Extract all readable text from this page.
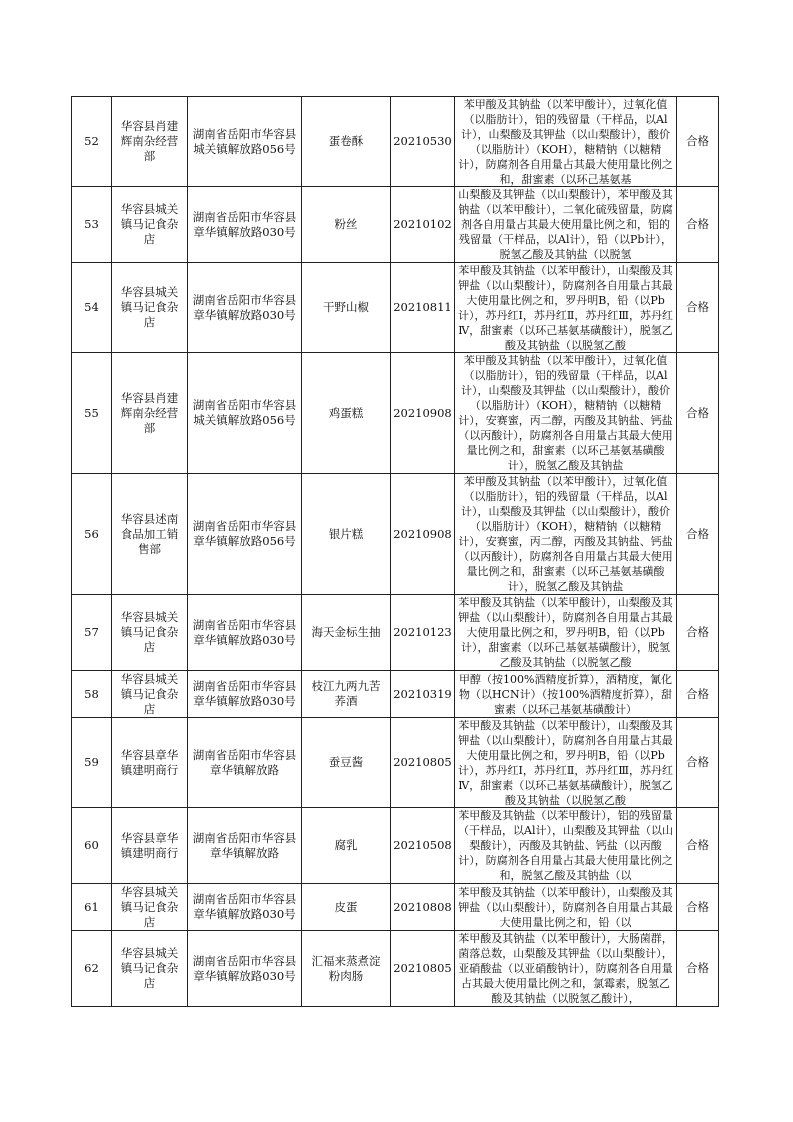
52	华容县肖建辉南杂经营部	湖南省岳阳市华容县城关镇解放路056号	蛋卷酥	20210530	苯甲酸及其钠盐（以苯甲酸计），过氧化值（以脂肪计），铝的残留量（干样品，以Al计），山梨酸及其钾盐（以山梨酸计），酸价（以脂肪计）（KOH），糖精钠（以糖精计），防腐剂各自用量占其最大使用量比例之和，甜蜜素（以环己基氨基	合格
53	华容县城关镇马记食杂店	湖南省岳阳市华容县章华镇解放路030号	粉丝	20210102	山梨酸及其钾盐（以山梨酸计），苯甲酸及其钠盐（以苯甲酸计），二氧化硫残留量，防腐剂各自用量占其最大使用量比例之和，铝的残留量（干样品，以Al计），铅（以Pb计），脱氢乙酸及其钠盐（以脱氢	合格
54	华容县城关镇马记食杂店	湖南省岳阳市华容县章华镇解放路030号	干野山椒	20210811	苯甲酸及其钠盐（以苯甲酸计），山梨酸及其钾盐（以山梨酸计），防腐剂各自用量占其最大使用量比例之和，罗丹明B，铅（以Pb计），苏丹红Ⅰ，苏丹红Ⅱ，苏丹红Ⅲ，苏丹红Ⅳ，甜蜜素（以环己基氨基磺酸计），脱氢乙酸及其钠盐（以脱氢乙酸	合格
55	华容县肖建辉南杂经营部	湖南省岳阳市华容县城关镇解放路056号	鸡蛋糕	20210908	苯甲酸及其钠盐（以苯甲酸计），过氧化值（以脂肪计），铝的残留量（干样品，以Al计），山梨酸及其钾盐（以山梨酸计），酸价（以脂肪计）（KOH），糖精钠（以糖精计），安赛蜜，丙二醇，丙酸及其钠盐、钙盐（以丙酸计），防腐剂各自用量占其最大使用量比例之和，甜蜜素（以环己基氨基磺酸计），脱氢乙酸及其钠盐	合格
56	华容县述南食品加工销售部	湖南省岳阳市华容县章华镇解放路056号	银片糕	20210908	苯甲酸及其钠盐（以苯甲酸计），过氧化值（以脂肪计），铝的残留量（干样品，以Al计），山梨酸及其钾盐（以山梨酸计），酸价（以脂肪计）（KOH），糖精钠（以糖精计），安赛蜜，丙二醇，丙酸及其钠盐、钙盐（以丙酸计），防腐剂各自用量占其最大使用量比例之和，甜蜜素（以环己基氨基磺酸计），脱氢乙酸及其钠盐	合格
57	华容县城关镇马记食杂店	湖南省岳阳市华容县章华镇解放路030号	海天金标生抽	20210123	苯甲酸及其钠盐（以苯甲酸计），山梨酸及其钾盐（以山梨酸计），防腐剂各自用量占其最大使用量比例之和，罗丹明B，铅（以Pb计），甜蜜素（以环己基氨基磺酸计），脱氢乙酸及其钠盐（以脱氢乙酸	合格
58	华容县城关镇马记食杂店	湖南省岳阳市华容县章华镇解放路030号	枝江九两九苦荞酒	20210319	甲醇（按100%酒精度折算），酒精度，氰化物（以HCN计）（按100%酒精度折算），甜蜜素（以环己基氨基磺酸计）	合格
59	华容县章华镇建明商行	湖南省岳阳市华容县章华镇解放路	蚕豆酱	20210805	苯甲酸及其钠盐（以苯甲酸计），山梨酸及其钾盐（以山梨酸计），防腐剂各自用量占其最大使用量比例之和，罗丹明B，铅（以Pb计），苏丹红Ⅰ，苏丹红Ⅱ，苏丹红Ⅲ，苏丹红Ⅳ，甜蜜素（以环己基氨基磺酸计），脱氢乙酸及其钠盐（以脱氢乙酸	合格
60	华容县章华镇建明商行	湖南省岳阳市华容县章华镇解放路	腐乳	20210508	苯甲酸及其钠盐（以苯甲酸计），铝的残留量（干样品，以Al计），山梨酸及其钾盐（以山梨酸计），丙酸及其钠盐、钙盐（以丙酸计），防腐剂各自用量占其最大使用量比例之和，脱氢乙酸及其钠盐（以	合格
61	华容县城关镇马记食杂店	湖南省岳阳市华容县章华镇解放路030号	皮蛋	20210808	苯甲酸及其钠盐（以苯甲酸计），山梨酸及其钾盐（以山梨酸计），防腐剂各自用量占其最大使用量比例之和，铅（以	合格
62	华容县城关镇马记食杂店	湖南省岳阳市华容县章华镇解放路030号	汇福来蒸煮淀粉肉肠	20210805	苯甲酸及其钠盐（以苯甲酸计），大肠菌群，菌落总数，山梨酸及其钾盐（以山梨酸计），亚硝酸盐（以亚硝酸钠计），防腐剂各自用量占其最大使用量比例之和，氯霉素，脱氢乙酸及其钠盐（以脱氢乙酸计），	合格
